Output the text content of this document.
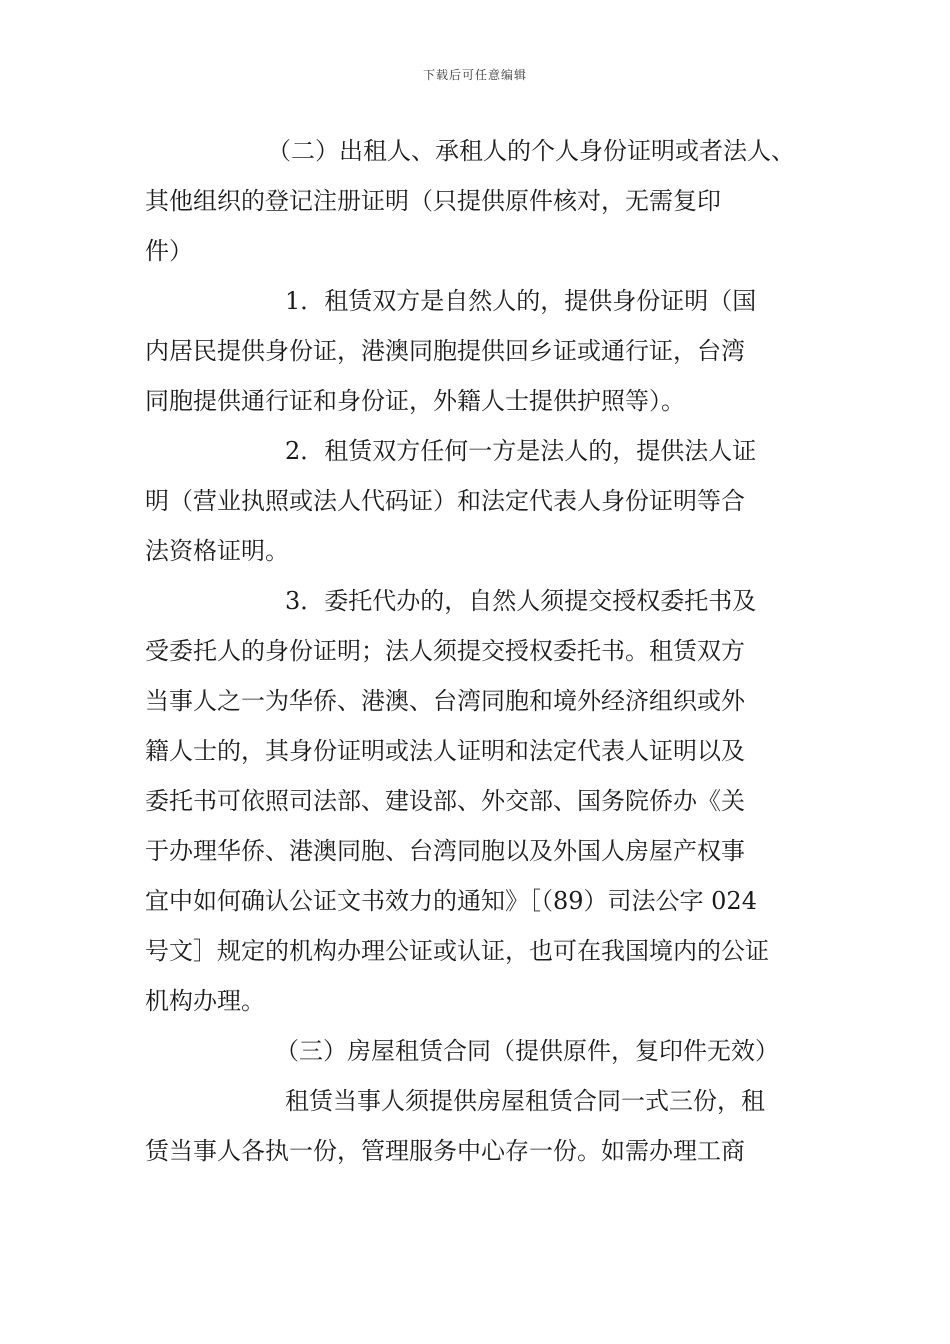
下载后可任意编辑
（二）出租人、承租人的个人身份证明或者法人、
其他组织的登记注册证明（只提供原件核对，无需复印
件）
1．租赁双方是自然人的，提供身份证明（国
内居民提供身份证，港澳同胞提供回乡证或通行证，台湾
同胞提供通行证和身份证，外籍人士提供护照等）。
2．租赁双方任何一方是法人的，提供法人证
明（营业执照或法人代码证）和法定代表人身份证明等合
法资格证明。
3．委托代办的，自然人须提交授权委托书及
受委托人的身份证明；法人须提交授权委托书。租赁双方
当事人之一为华侨、港澳、台湾同胞和境外经济组织或外
籍人士的，其身份证明或法人证明和法定代表人证明以及
委托书可依照司法部、建设部、外交部、国务院侨办《关
于办理华侨、港澳同胞、台湾同胞以及外国人房屋产权事
宜中如何确认公证文书效力的通知》［（89）司法公字 024
号文］规定的机构办理公证或认证，也可在我国境内的公证
机构办理。
（三）房屋租赁合同（提供原件，复印件无效）
租赁当事人须提供房屋租赁合同一式三份，租
赁当事人各执一份，管理服务中心存一份。如需办理工商
